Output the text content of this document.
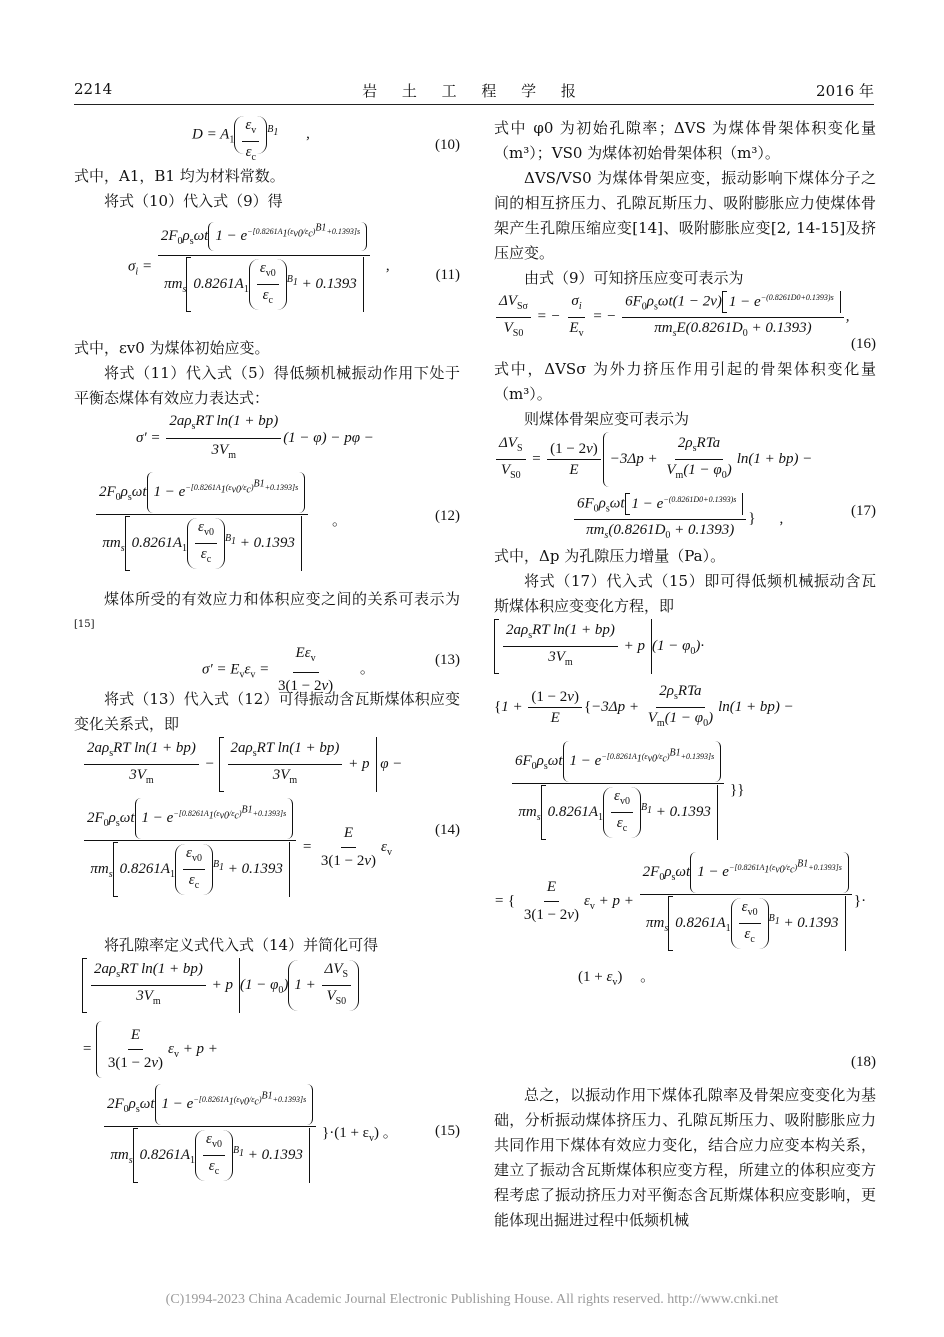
2214	岩 土 工 程 学 报	2016 年
$D = A_1 \frac{\varepsilon_v}{\varepsilon_c} ^{B_1}$ ,
(10)

式中，A1，B1 均为材料常数。

将式（10）代入式（9）得

$\sigma_i = \frac{2F_0\rho_s\omega t 1 - e^{-[0.8261A_1(\varepsilon_{v0}/\varepsilon_c)^{B1}+0.1393]s}}{\pi m_s 0.8261A_1 \frac{\varepsilon_{v0}}{\varepsilon_c} ^{B_1} + 0.1393}$ ,
(11)

式中，εv0 为煤体初始应变。

将式（11）代入式（5）得低频机械振动作用下处于平衡态煤体有效应力表达式：

$\sigma' = \frac{2a\rho_sRT \ln(1 + bp)}{3V_m} (1 - \varphi) - p\varphi$ −
$\frac{2F_0\rho_s\omega t 1 - e^{-[0.8261A_1(\varepsilon_{v0}/\varepsilon_c)^{B1}+0.1393]s}}{\pi m_s 0.8261A_1 \frac{\varepsilon_{v0}}{\varepsilon_c} ^{B_1} + 0.1393}$ 。	(12)

煤体所受的有效应力和体积应变之间的关系可表示为[15]

$\sigma' = E_v\varepsilon_v = \frac{E\varepsilon_v}{3(1 - 2\nu)}$ 。
(13)

将式（13）代入式（12）可得振动含瓦斯煤体积应变变化关系式，即

$\frac{2a\rho_sRT \ln(1 + bp)}{3V_m} - \frac{2a\rho_sRT \ln(1 + bp)}{3V_m} + p$ φ −
$\frac{2F_0\rho_s\omega t 1 - e^{-[0.8261A_1(\varepsilon_{v0}/\varepsilon_c)^{B1}+0.1393]s}}{\pi m_s 0.8261A_1 \frac{\varepsilon_{v0}}{\varepsilon_c} ^{B_1} + 0.1393} = \frac{E}{3(1 - 2\nu)} \varepsilon_v$
(14)

将孔隙率定义式代入式（14）并简化可得

$\frac{2a\rho_sRT \ln(1 + bp)}{3V_m} + p$ $(1 - \varphi_0)$ $1 + \frac{\Delta V_S}{V_{S0}}$
= $\frac{E}{3(1 - 2\nu)} \varepsilon_v + p$ +
$\frac{2F_0\rho_s\omega t 1 - e^{-[0.8261A_1(\varepsilon_{v0}/\varepsilon_c)^{B1}+0.1393]s}}{\pi m_s 0.8261A_1 \frac{\varepsilon_{v0}}{\varepsilon_c} ^{B_1} + 0.1393} \}\cdot(1 + \varepsilon_v)$ 。	(15)

式中 φ0 为初始孔隙率；ΔVS 为煤体骨架体积变化量（m³）；VS0 为煤体初始骨架体积（m³）。

ΔVS/VS0 为煤体骨架应变，振动影响下煤体分子之间的相互挤压力、孔隙瓦斯压力、吸附膨胀应力使煤体骨架产生孔隙压缩应变[14]、吸附膨胀应变[2, 14-15]及挤压应变。

由式（9）可知挤压应变可表示为

$\frac{\Delta V_{S\sigma}}{V_{S0}}$ = − $\frac{\sigma_i}{E_v}$ = − $\frac{6F_0\rho_s\omega t(1 - 2\nu) 1 - e^{-(0.8261D0+0.1393)s}}{\pi m_sE(0.8261D_0 + 0.1393)}$ ,
(16)

式中，ΔVSσ 为外力挤压作用引起的骨架体积变化量（m³）。

则煤体骨架应变可表示为

$\frac{\Delta V_S}{V_{S0}} = \frac{(1 - 2\nu)}{E} -3\Delta p + \frac{2\rho_sRTa}{V_m(1 - \varphi_0)} \ln(1 + bp)$ −
$\frac{6F_0\rho_s\omega t 1 - e^{-(0.8261D0+0.1393)s}}{\pi m_s(0.8261D_0 + 0.1393)}$ } ,	(17)

式中，Δp 为孔隙压力增量（Pa）。

将式（17）代入式（15）即可得低频机械振动含瓦斯煤体积应变变化方程，即

$\frac{2a\rho_sRT \ln(1 + bp)}{3V_m} + p$ $(1 - \varphi_0)\cdot$
{$1 + \frac{(1 - 2\nu)}{E} \{-3\Delta p + \frac{2\rho_sRTa}{V_m(1 - \varphi_0)} \ln(1 + bp)$ −
$\frac{6F_0\rho_s\omega t 1 - e^{-[0.8261A_1(\varepsilon_{v0}/\varepsilon_c)^{B1}+0.1393]s}}{\pi m_s 0.8261A_1 \frac{\varepsilon_{v0}}{\varepsilon_c} ^{B_1} + 0.1393}$ }}
= { $\frac{E}{3(1 - 2\nu)} \varepsilon_v + p + \frac{2F_0\rho_s\omega t 1 - e^{-[0.8261A_1(\varepsilon_{v0}/\varepsilon_c)^{B1}+0.1393]s}}{\pi m_s 0.8261A_1 \frac{\varepsilon_{v0}}{\varepsilon_c} ^{B_1} + 0.1393}$ }·
$(1 + \varepsilon_v)$ 。
(18)

总之，以振动作用下煤体孔隙率及骨架应变变化为基础，分析振动煤体挤压力、孔隙瓦斯压力、吸附膨胀应力共同作用下煤体有效应力变化，结合应力应变本构关系，建立了振动含瓦斯煤体积应变方程，所建立的体积应变方程考虑了振动挤压力对平衡态含瓦斯煤体积应变影响，更能体现出掘进过程中低频机械

(C)1994-2023 China Academic Journal Electronic Publishing House. All rights reserved. http://www.cnki.net
